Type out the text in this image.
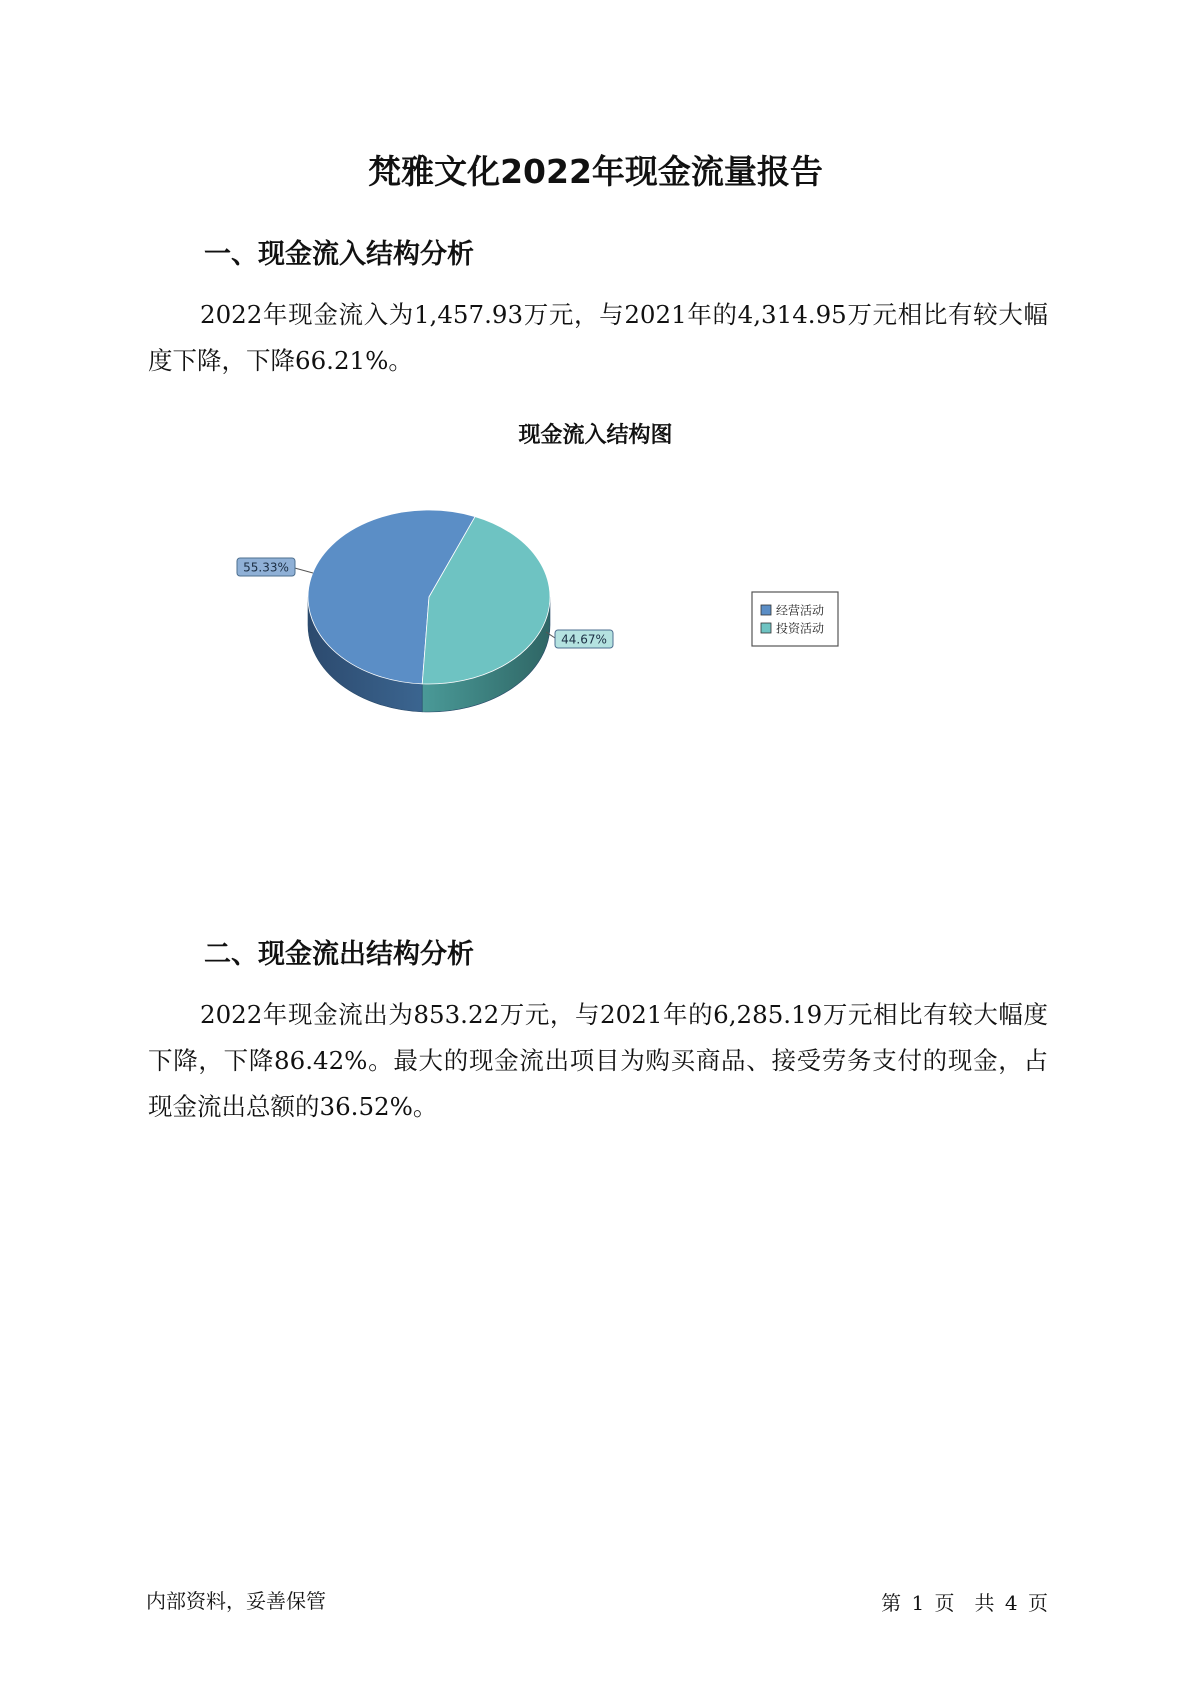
梵雅文化2022年现金流量报告
一、现金流入结构分析
2022年现金流入为1,457.93万元，与2021年的4,314.95万元相比有较大幅度下降，下降66.21%。
现金流入结构图
55.33%
44.67%
经营活动
投资活动
二、现金流出结构分析
2022年现金流出为853.22万元，与2021年的6,285.19万元相比有较大幅度下降，下降86.42%。最大的现金流出项目为购买商品、接受劳务支付的现金，占现金流出总额的36.52%。
内部资料，妥善保管	第 1 页　共 4 页
